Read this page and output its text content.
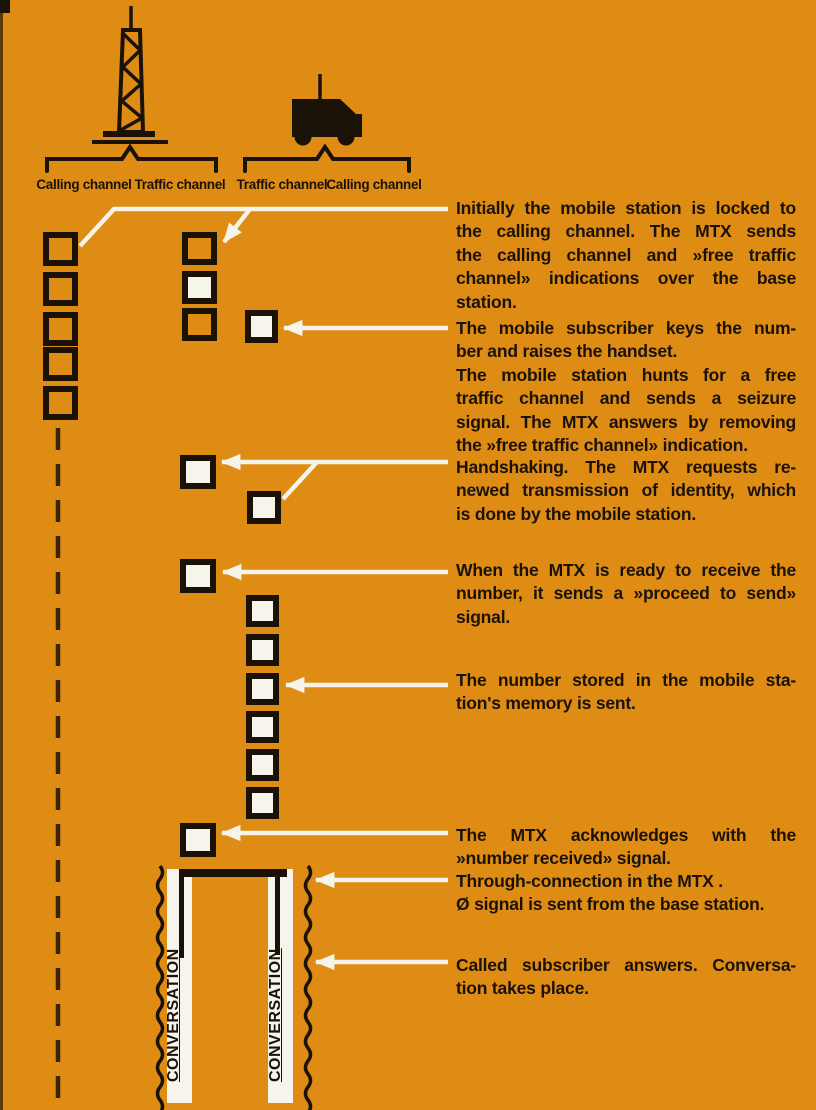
Calling channel Traffic channel Traffic channel
Calling channel
Initially the mobile station is locked to
the calling channel. The MTX sends
the calling channel and »free traffic
channel» indications over the base
station.
The mobile subscriber keys the num-
ber and raises the handset.
The mobile station hunts for a free
traffic channel and sends a seizure
signal. The MTX answers by removing
the »free traffic channel» indication.
Handshaking. The MTX requests re-
newed transmission of identity, which
is done by the mobile station.
When the MTX is ready to receive the
number, it sends a »proceed to send»
signal.
The number stored in the mobile sta-
tion's memory is sent.
The MTX acknowledges with the
»number received» signal.
Through-connection in the MTX .
Ø signal is sent from the base station.
Called subscriber answers. Conversa-
tion takes place.
CONVERSATION	CONVERSATION
